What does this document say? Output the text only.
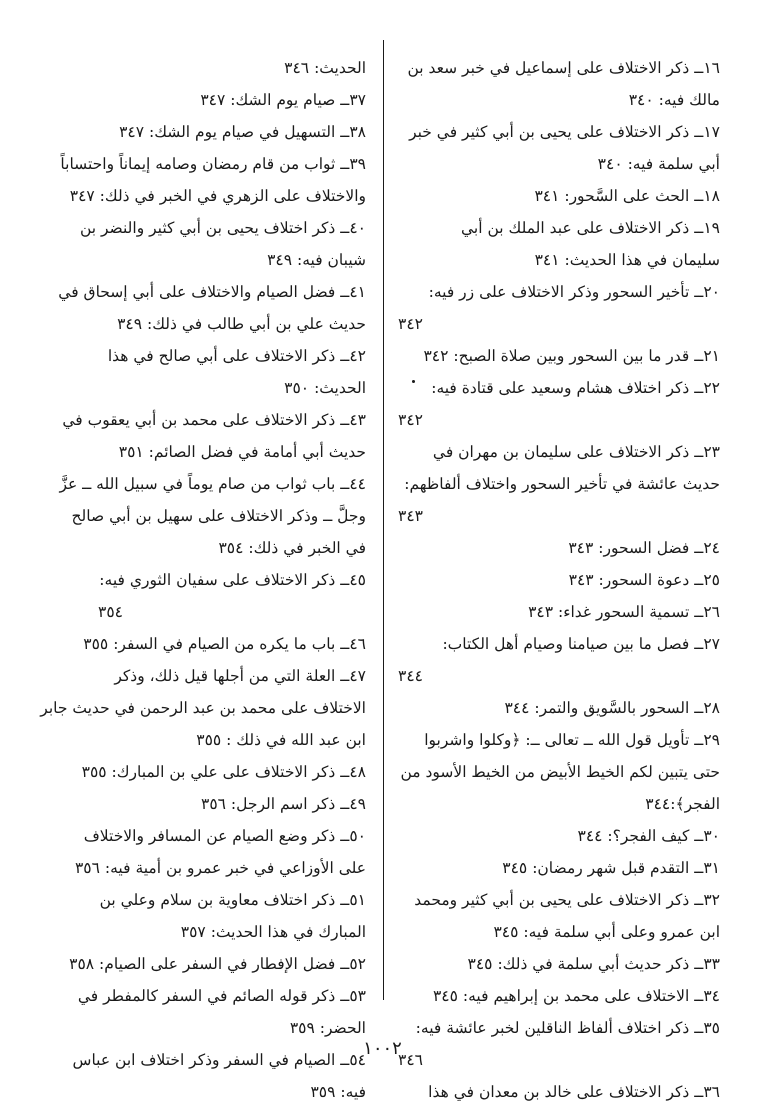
١٦ــ ذكر الاختلاف على إسماعيل في خبر سعد بن
مالك فيه: ٣٤٠
١٧ــ ذكر الاختلاف على يحيى بن أبي كثير في خبر
أبي سلمة فيه: ٣٤٠
١٨ــ الحث على السَّحور: ٣٤١
١٩ــ ذكر الاختلاف على عبد الملك بن أبي
سليمان في هذا الحديث: ٣٤١
٢٠ــ تأخير السحور وذكر الاختلاف على زر فيه:
٣٤٢
٢١ــ قدر ما بين السحور وبين صلاة الصبح: ٣٤٢
٢٢ــ ذكر اختلاف هشام وسعيد على قتادة فيه:
٣٤٢
٢٣ــ ذكر الاختلاف على سليمان بن مهران في
حديث عائشة في تأخير السحور واختلاف ألفاظهم:
٣٤٣
٢٤ــ فضل السحور: ٣٤٣
٢٥ــ دعوة السحور: ٣٤٣
٢٦ــ تسمية السحور غداء: ٣٤٣
٢٧ــ فصل ما بين صيامنا وصيام أهل الكتاب:
٣٤٤
٢٨ــ السحور بالسَّويق والتمر: ٣٤٤
٢٩ــ تأويل قول الله ــ تعالى ــ: ﴿وكلوا واشربوا
حتى يتبين لكم الخيط الأبيض من الخيط الأسود من
الفجر﴾:٣٤٤
٣٠ــ كيف الفجر؟: ٣٤٤
٣١ــ التقدم قبل شهر رمضان: ٣٤٥
٣٢ــ ذكر الاختلاف على يحيى بن أبي كثير ومحمد
ابن عمرو وعلى أبي سلمة فيه: ٣٤٥
٣٣ــ ذكر حديث أبي سلمة في ذلك: ٣٤٥
٣٤ــ الاختلاف على محمد بن إبراهيم فيه: ٣٤٥
٣٥ــ ذكر اختلاف ألفاظ الناقلين لخبر عائشة فيه:
٣٤٦
٣٦ــ ذكر الاختلاف على خالد بن معدان في هذا
الحديث: ٣٤٦
٣٧ــ صيام يوم الشك: ٣٤٧
٣٨ــ التسهيل في صيام يوم الشك: ٣٤٧
٣٩ــ ثواب من قام رمضان وصامه إيماناً واحتساباً
والاختلاف على الزهري في الخبر في ذلك: ٣٤٧
٤٠ــ ذكر اختلاف يحيى بن أبي كثير والنضر بن
شيبان فيه: ٣٤٩
٤١ــ فضل الصيام والاختلاف على أبي إسحاق في
حديث علي بن أبي طالب في ذلك: ٣٤٩
٤٢ــ ذكر الاختلاف على أبي صالح في هذا
الحديث: ٣٥٠
٤٣ــ ذكر الاختلاف على محمد بن أبي يعقوب في
حديث أبي أمامة في فضل الصائم: ٣٥١
٤٤ــ باب ثواب من صام يوماً في سبيل الله ــ عزَّ
وجلَّ ــ وذكر الاختلاف على سهيل بن أبي صالح
في الخبر في ذلك: ٣٥٤
٤٥ــ ذكر الاختلاف على سفيان الثوري فيه:
٣٥٤
٤٦ــ باب ما يكره من الصيام في السفر: ٣٥٥
٤٧ــ العلة التي من أجلها قيل ذلك، وذكر
الاختلاف على محمد بن عبد الرحمن في حديث جابر
ابن عبد الله في ذلك : ٣٥٥
٤٨ــ ذكر الاختلاف على علي بن المبارك: ٣٥٥
٤٩ــ ذكر اسم الرجل: ٣٥٦
٥٠ــ ذكر وضع الصيام عن المسافر والاختلاف
على الأوزاعي في خبر عمرو بن أمية فيه: ٣٥٦
٥١ــ ذكر اختلاف معاوية بن سلام وعلي بن
المبارك في هذا الحديث: ٣٥٧
٥٢ــ فضل الإفطار في السفر على الصيام: ٣٥٨
٥٣ــ ذكر قوله الصائم في السفر كالمفطر في
الحضر: ٣٥٩
٥٤ــ الصيام في السفر وذكر اختلاف ابن عباس
فيه: ٣٥٩
١٠٠٢
